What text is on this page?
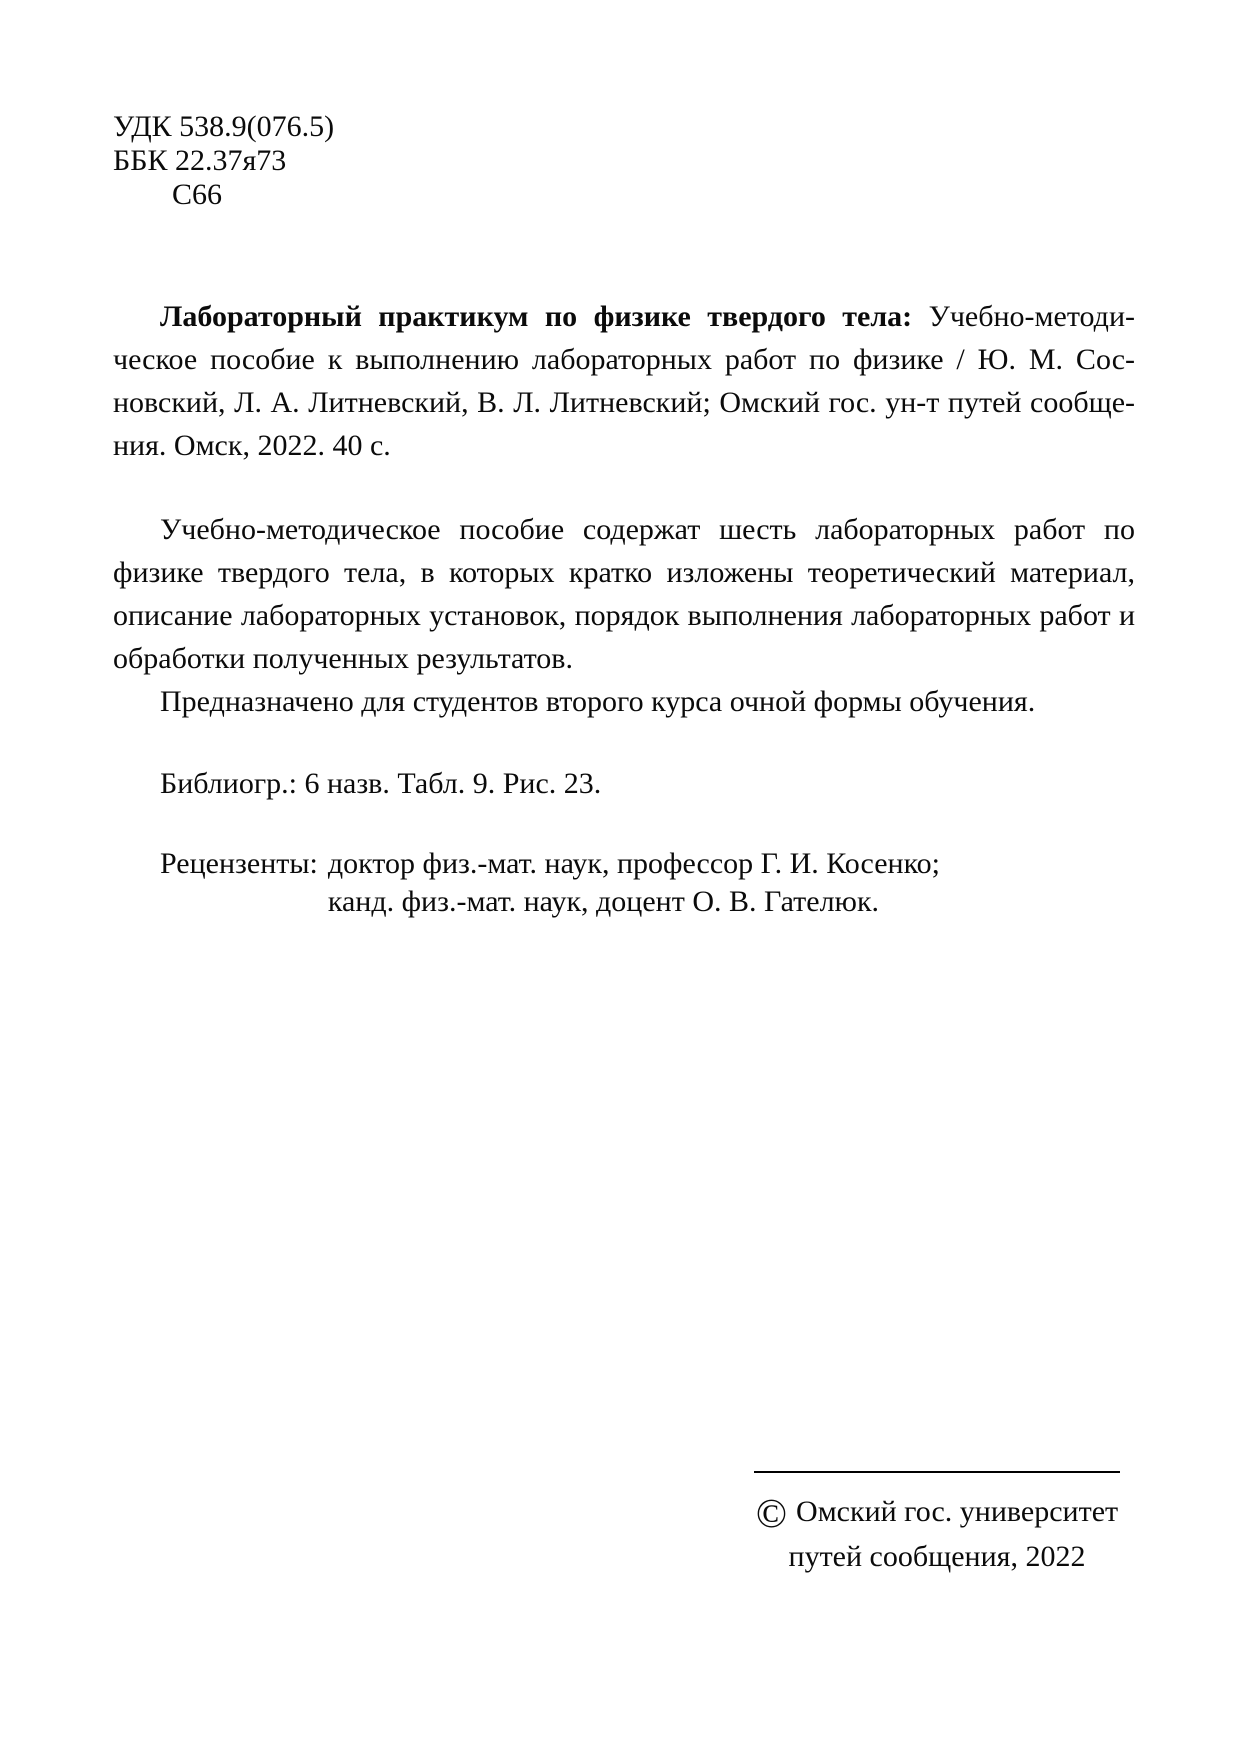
УДК 538.9(076.5)
ББК 22.37я73
С66
Лабораторный практикум по физике твердого тела: Учебно-методи-
ческое пособие к выполнению лабораторных работ по физике / Ю. М. Сос-
новский, Л. А. Литневский, В. Л. Литневский; Омский гос. ун-т путей сообще-
ния. Омск, 2022. 40 с.
Учебно-методическое пособие содержат шесть лабораторных работ по
физике твердого тела, в которых кратко изложены теоретический материал,
описание лабораторных установок, порядок выполнения лабораторных работ и
обработки полученных результатов.
Предназначено для студентов второго курса очной формы обучения.
Библиогр.: 6 назв. Табл. 9. Рис. 23.
Рецензенты: доктор физ.-мат. наук, профессор Г. И. Косенко;
канд. физ.-мат. наук, доцент О. В. Гателюк.
© Омский гос. университет
путей сообщения, 2022
